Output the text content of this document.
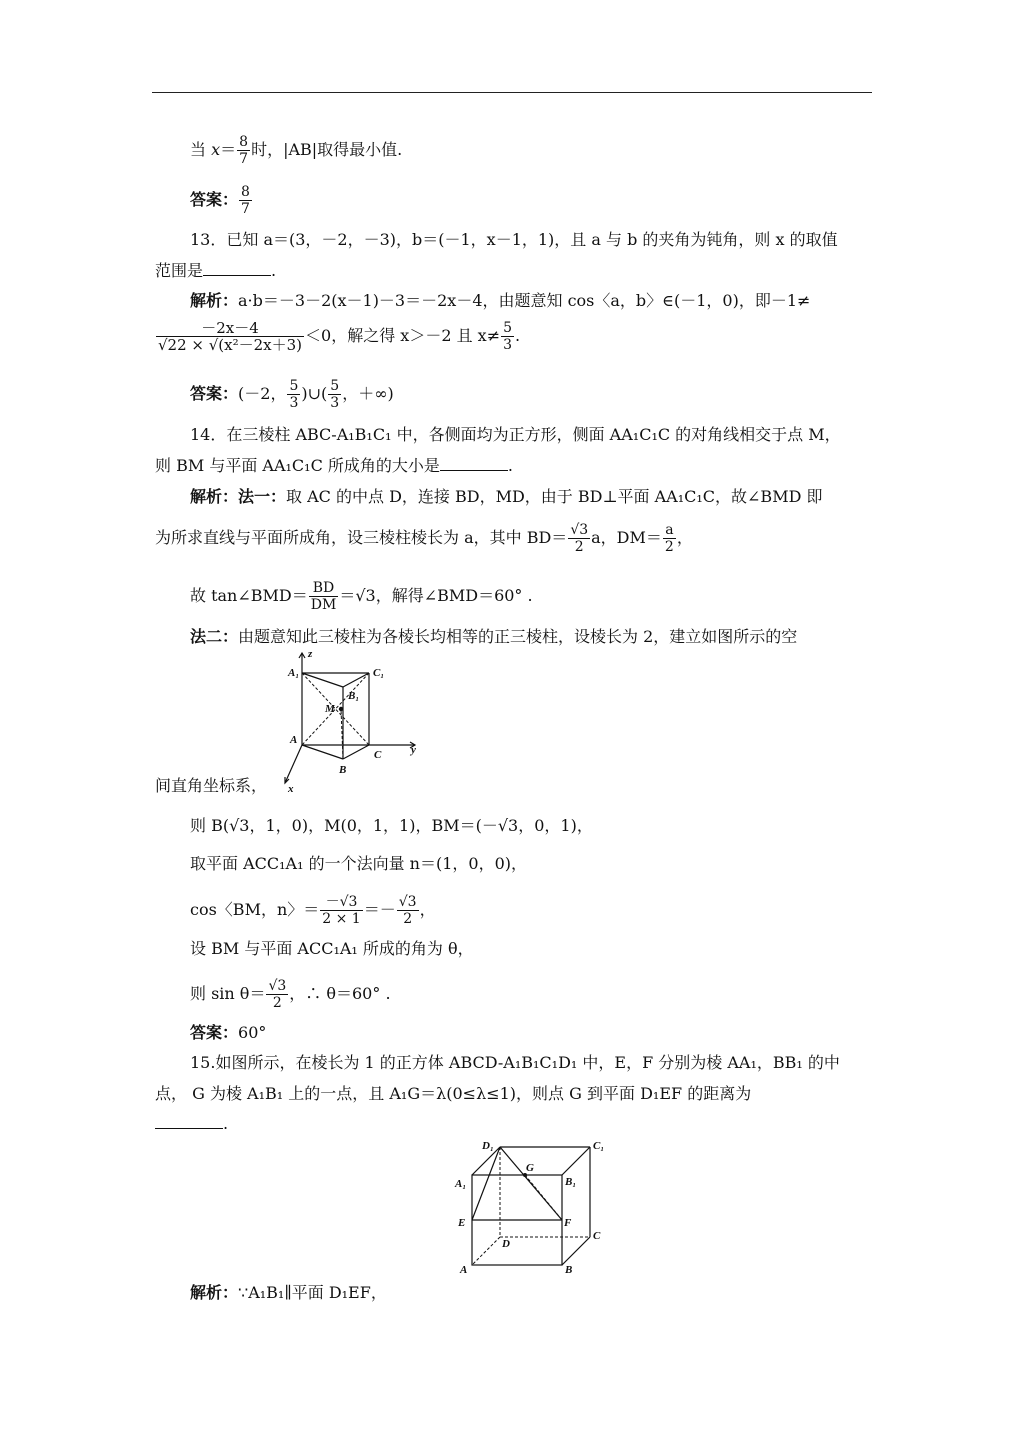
当 $x= \frac{8}{7}$ 时，|AB|取得最小值.
答案： $\frac{8}{7}$
13．已知 a＝(3，－2，－3)，b＝(－1，x－1，1)，且 a 与 b 的夹角为钝角，则 x 的取值
范围是	.
解析：a·b＝－3－2(x－1)－3＝－2x－4，由题意知 cos〈a，b〉∈(－1，0)，即－1≠
$\frac{-2x-4}{\text{√22 × √(x²－2x＋3)}} <0$，解之得 x＞－2 且 $x\ne \frac{5}{3}$ .
答案：(－2， $\frac{5}{3}$ )∪( $\frac{5}{3}$ ，＋∞)
14．在三棱柱 ABC-A₁B₁C₁ 中，各侧面均为正方形，侧面 AA₁C₁C 的对角线相交于点 M，
则 BM 与平面 AA₁C₁C 所成角的大小是	.
解析：法一：取 AC 的中点 D，连接 BD，MD，由于 BD⊥平面 AA₁C₁C，故∠BMD 即
为所求直线与平面所成角，设三棱柱棱长为 a，其中 $BD= \frac{√3}{2}$ a，$DM= \frac{a}{2}$ ，
故 tan∠BMD＝ $\frac{BD}{DM} =√3$，解得∠BMD＝60° .
法二：由题意知此三棱柱为各棱长均相等的正三棱柱，设棱长为 2，建立如图所示的空
z
A₁	C₁
B₁
M
A
B
C	y
x
间直角坐标系，
则 B(√3，1，0)，M(0，1，1)，BM＝(－√3，0，1)，
取平面 ACC₁A₁ 的一个法向量 n＝(1，0，0)，
cos〈BM，n〉＝ $\frac{-√3}{2 \times 1} =- \frac{√3}{2}$ ，
设 BM 与平面 ACC₁A₁ 所成的角为 θ，
则 $\sin \theta= \frac{√3}{2}$ ，∴ θ＝60° .
答案：60°
15.如图所示，在棱长为 1 的正方体 ABCD-A₁B₁C₁D₁ 中，E，F 分别为棱 AA₁，BB₁ 的中
点， G 为棱 A₁B₁ 上的一点，且 A₁G＝λ(0≤λ≤1)，则点 G 到平面 D₁EF 的距离为
.
D₁	C₁
G
A₁	B₁
E	F
D
C
A	B
解析：∵A₁B₁∥平面 D₁EF，
